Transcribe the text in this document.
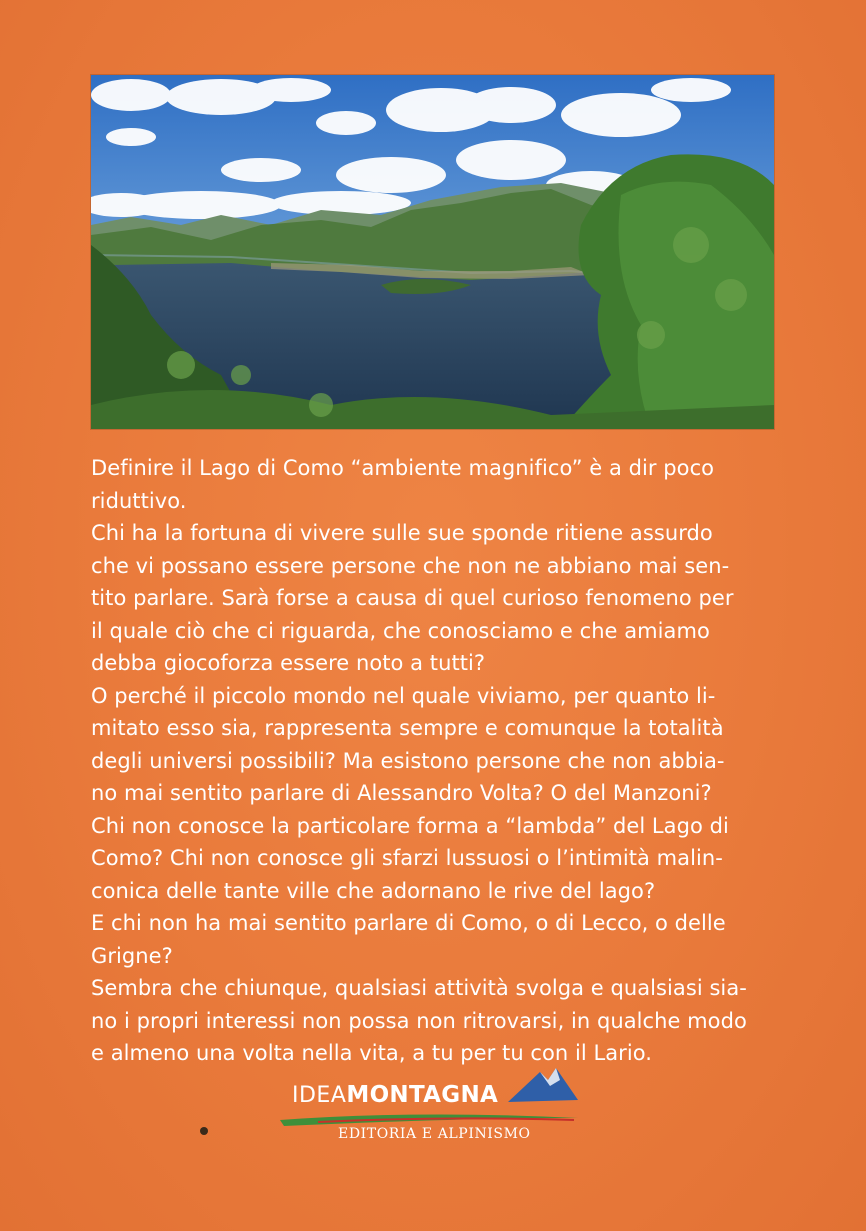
Definire il Lago di Como “ambiente magnifico” è a dir poco

riduttivo.

Chi ha la fortuna di vivere sulle sue sponde ritiene assurdo

che vi possano essere persone che non ne abbiano mai sen-

tito parlare. Sarà forse a causa di quel curioso fenomeno per

il quale ciò che ci riguarda, che conosciamo e che amiamo

debba giocoforza essere noto a tutti?

O perché il piccolo mondo nel quale viviamo, per quanto li-

mitato esso sia, rappresenta sempre e comunque la totalità

degli universi possibili? Ma esistono persone che non abbia-

no mai sentito parlare di Alessandro Volta? O del Manzoni?

Chi non conosce la particolare forma a “lambda” del Lago di

Como? Chi non conosce gli sfarzi lussuosi o l’intimità malin-

conica delle tante ville che adornano le rive del lago?

E chi non ha mai sentito parlare di Como, o di Lecco, o delle

Grigne?

Sembra che chiunque, qualsiasi attività svolga e qualsiasi sia-

no i propri interessi non possa non ritrovarsi, in qualche modo

e almeno una volta nella vita, a tu per tu con il Lario.

IDEAMONTAGNA
EDITORIA E ALPINISMO
